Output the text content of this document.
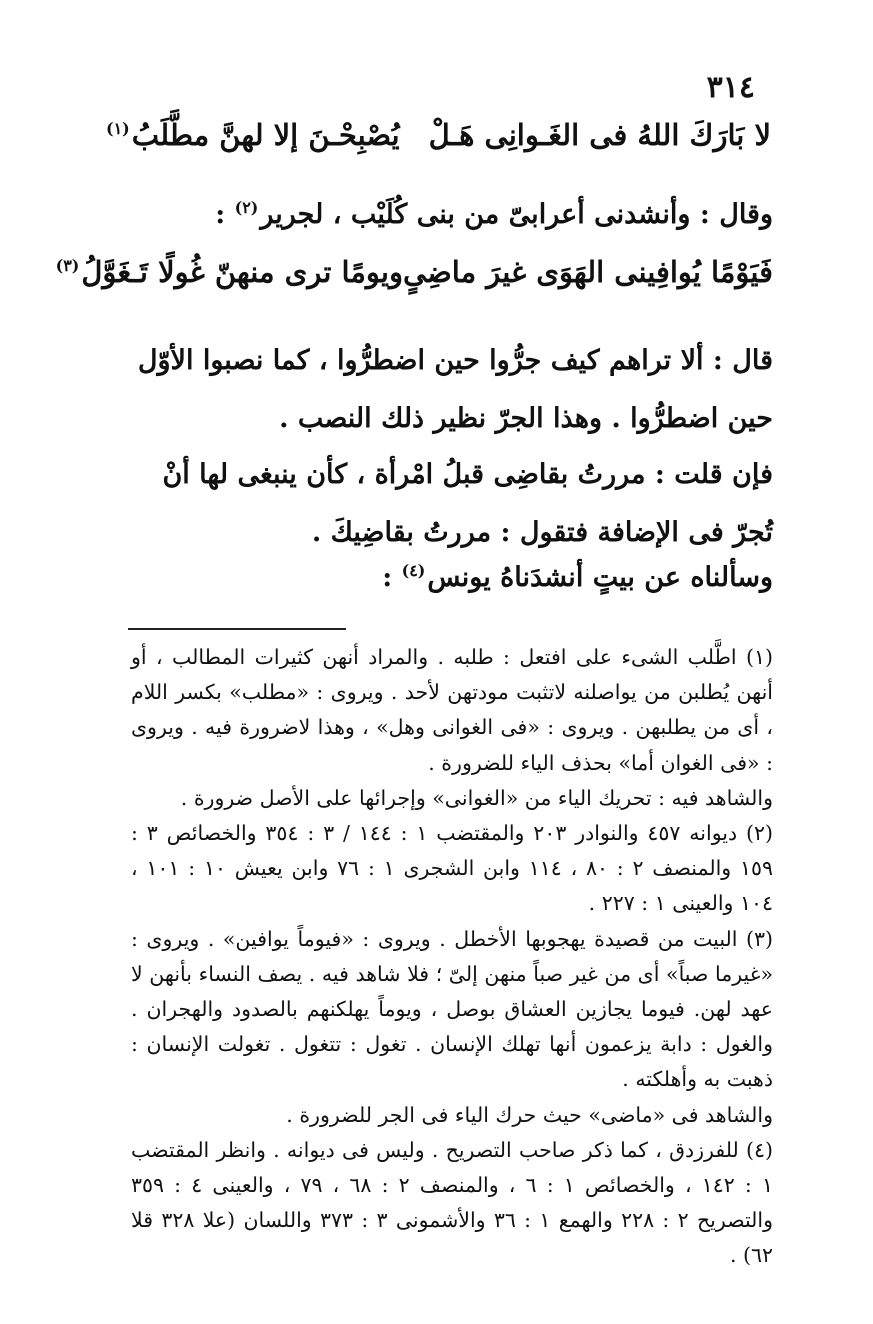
٣١٤
لا بَارَكَ اللهُ فى الغَـوانِى هَـلْ
يُصْبِحْـنَ إلا لهنَّ مطَّلَبُ$^{(١)}$
وقال : وأنشدنى أعرابىّ من بنى كُلَيْب ، لجرير$^{(٢)}$ :
فَيَوْمًا يُوافِينى الهَوَى غيرَ ماضِىٍ
ويومًا ترى منهنّ غُولًا تَـغَوَّلُ$^{(٣)}$
قال : ألا تراهم كيف جرُّوا حين اضطرُّوا ، كما نصبوا الأوّل حين اضطرُّوا . وهذا الجرّ نظير ذلك النصب .
فإن قلت : مررتُ بقاضِى قبلُ امْرأة ، كأن ينبغى لها أنْ تُجرّ فى الإضافة فتقول : مررتُ بقاضِيكَ .
وسألناه عن بيتٍ أنشدَناهُ يونس$^{(٤)}$ :

(١) اطَّلب الشىء على افتعل : طلبه . والمراد أنهن كثيرات المطالب ، أو أنهن يُطلبن من يواصلنه لاتثبت مودتهن لأحد . ويروى : «مطلب» بكسر اللام ، أى من يطلبهن . ويروى : «فى الغوانى وهل» ، وهذا لاضرورة فيه . ويروى : «فى الغوان أما» بحذف الياء للضرورة .

والشاهد فيه : تحريك الياء من «الغوانى» وإجرائها على الأصل ضرورة .

(٢) ديوانه ٤٥٧ والنوادر ٢٠٣ والمقتضب ١ : ١٤٤ / ٣ : ٣٥٤ والخصائص ٣ : ١٥٩ والمنصف ٢ : ٨٠ ، ١١٤ وابن الشجرى ١ : ٧٦ وابن يعيش ١٠ : ١٠١ ، ١٠٤ والعينى ١ : ٢٢٧ .

(٣) البيت من قصيدة يهجوبها الأخطل . ويروى : «فيوماً يوافين» . ويروى : «غيرما صباً» أى من غير صباً منهن إلىّ ؛ فلا شاهد فيه . يصف النساء بأنهن لا عهد لهن. فيوما يجازين العشاق بوصل ، ويوماً يهلكنهم بالصدود والهجران . والغول : دابة يزعمون أنها تهلك الإنسان . تغول : تتغول . تغولت الإنسان : ذهبت به وأهلكته .

والشاهد فى «ماضى» حيث حرك الياء فى الجر للضرورة .

(٤) للفرزدق ، كما ذكر صاحب التصريح . وليس فى ديوانه . وانظر المقتضب ١ : ١٤٢ ، والخصائص ١ : ٦ ، والمنصف ٢ : ٦٨ ، ٧٩ ، والعينى ٤ : ٣٥٩ والتصريح ٢ : ٢٢٨ والهمع ١ : ٣٦ والأشمونى ٣ : ٣٧٣ واللسان (علا ٣٢٨ قلا ٦٢) .
